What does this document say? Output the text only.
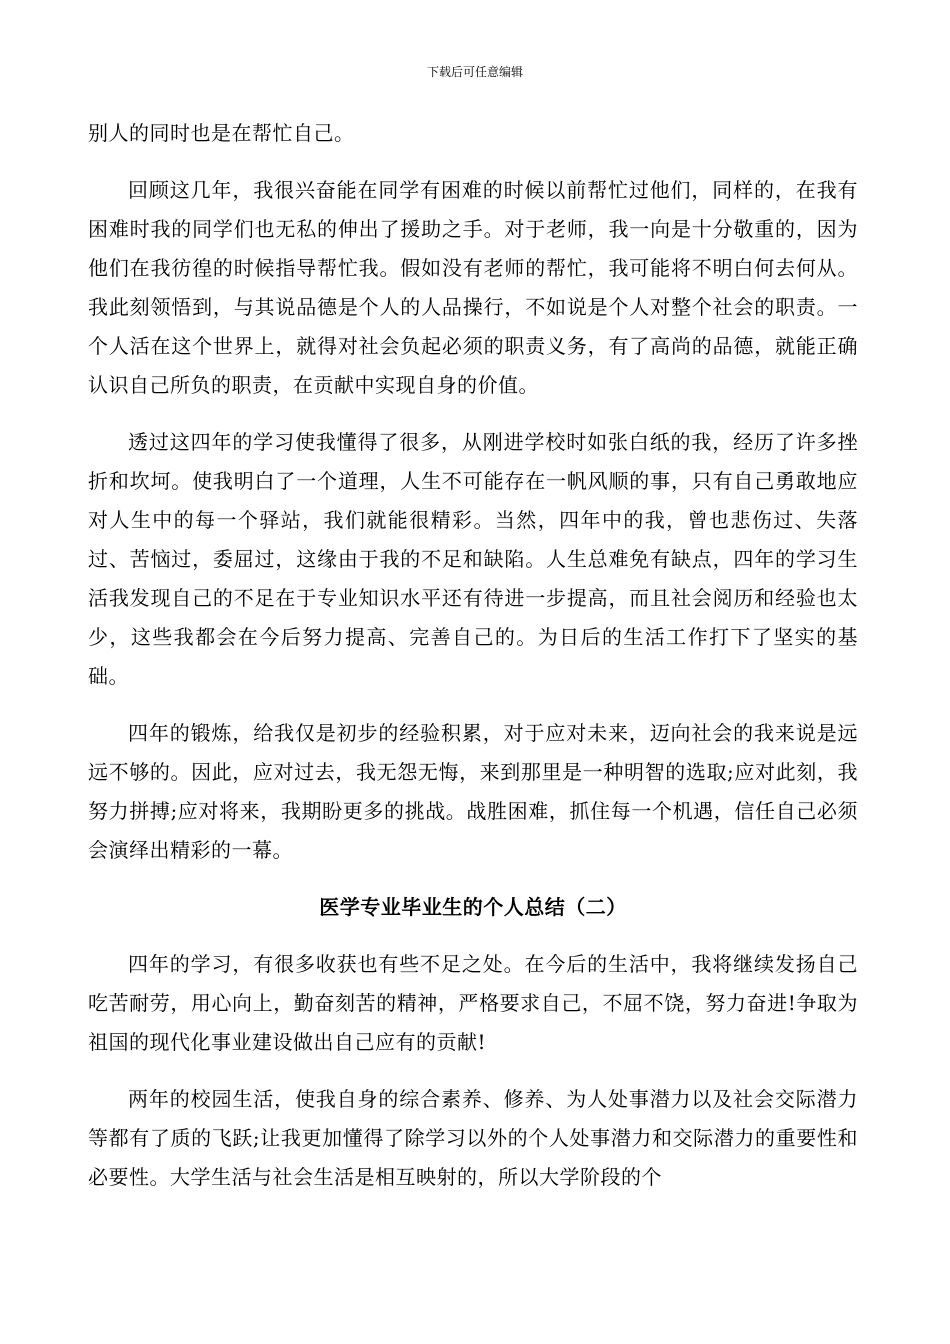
下载后可任意编辑

别人的同时也是在帮忙自己。

回顾这几年，我很兴奋能在同学有困难的时候以前帮忙过他们，同样的，在我有困难时我的同学们也无私的伸出了援助之手。对于老师，我一向是十分敬重的，因为他们在我彷徨的时候指导帮忙我。假如没有老师的帮忙，我可能将不明白何去何从。我此刻领悟到，与其说品德是个人的人品操行，不如说是个人对整个社会的职责。一个人活在这个世界上，就得对社会负起必须的职责义务，有了高尚的品德，就能正确认识自己所负的职责，在贡献中实现自身的价值。

透过这四年的学习使我懂得了很多，从刚进学校时如张白纸的我，经历了许多挫折和坎坷。使我明白了一个道理，人生不可能存在一帆风顺的事，只有自己勇敢地应对人生中的每一个驿站，我们就能很精彩。当然，四年中的我，曾也悲伤过、失落过、苦恼过，委屈过，这缘由于我的不足和缺陷。人生总难免有缺点，四年的学习生活我发现自己的不足在于专业知识水平还有待进一步提高，而且社会阅历和经验也太少，这些我都会在今后努力提高、完善自己的。为日后的生活工作打下了坚实的基础。

四年的锻炼，给我仅是初步的经验积累，对于应对未来，迈向社会的我来说是远远不够的。因此，应对过去，我无怨无悔，来到那里是一种明智的选取;应对此刻，我努力拼搏;应对将来，我期盼更多的挑战。战胜困难，抓住每一个机遇，信任自己必须会演绎出精彩的一幕。

医学专业毕业生的个人总结（二）

四年的学习，有很多收获也有些不足之处。在今后的生活中，我将继续发扬自己吃苦耐劳，用心向上，勤奋刻苦的精神，严格要求自己，不屈不饶，努力奋进!争取为祖国的现代化事业建设做出自己应有的贡献!

两年的校园生活，使我自身的综合素养、修养、为人处事潜力以及社会交际潜力等都有了质的飞跃;让我更加懂得了除学习以外的个人处事潜力和交际潜力的重要性和必要性。大学生活与社会生活是相互映射的，所以大学阶段的个
